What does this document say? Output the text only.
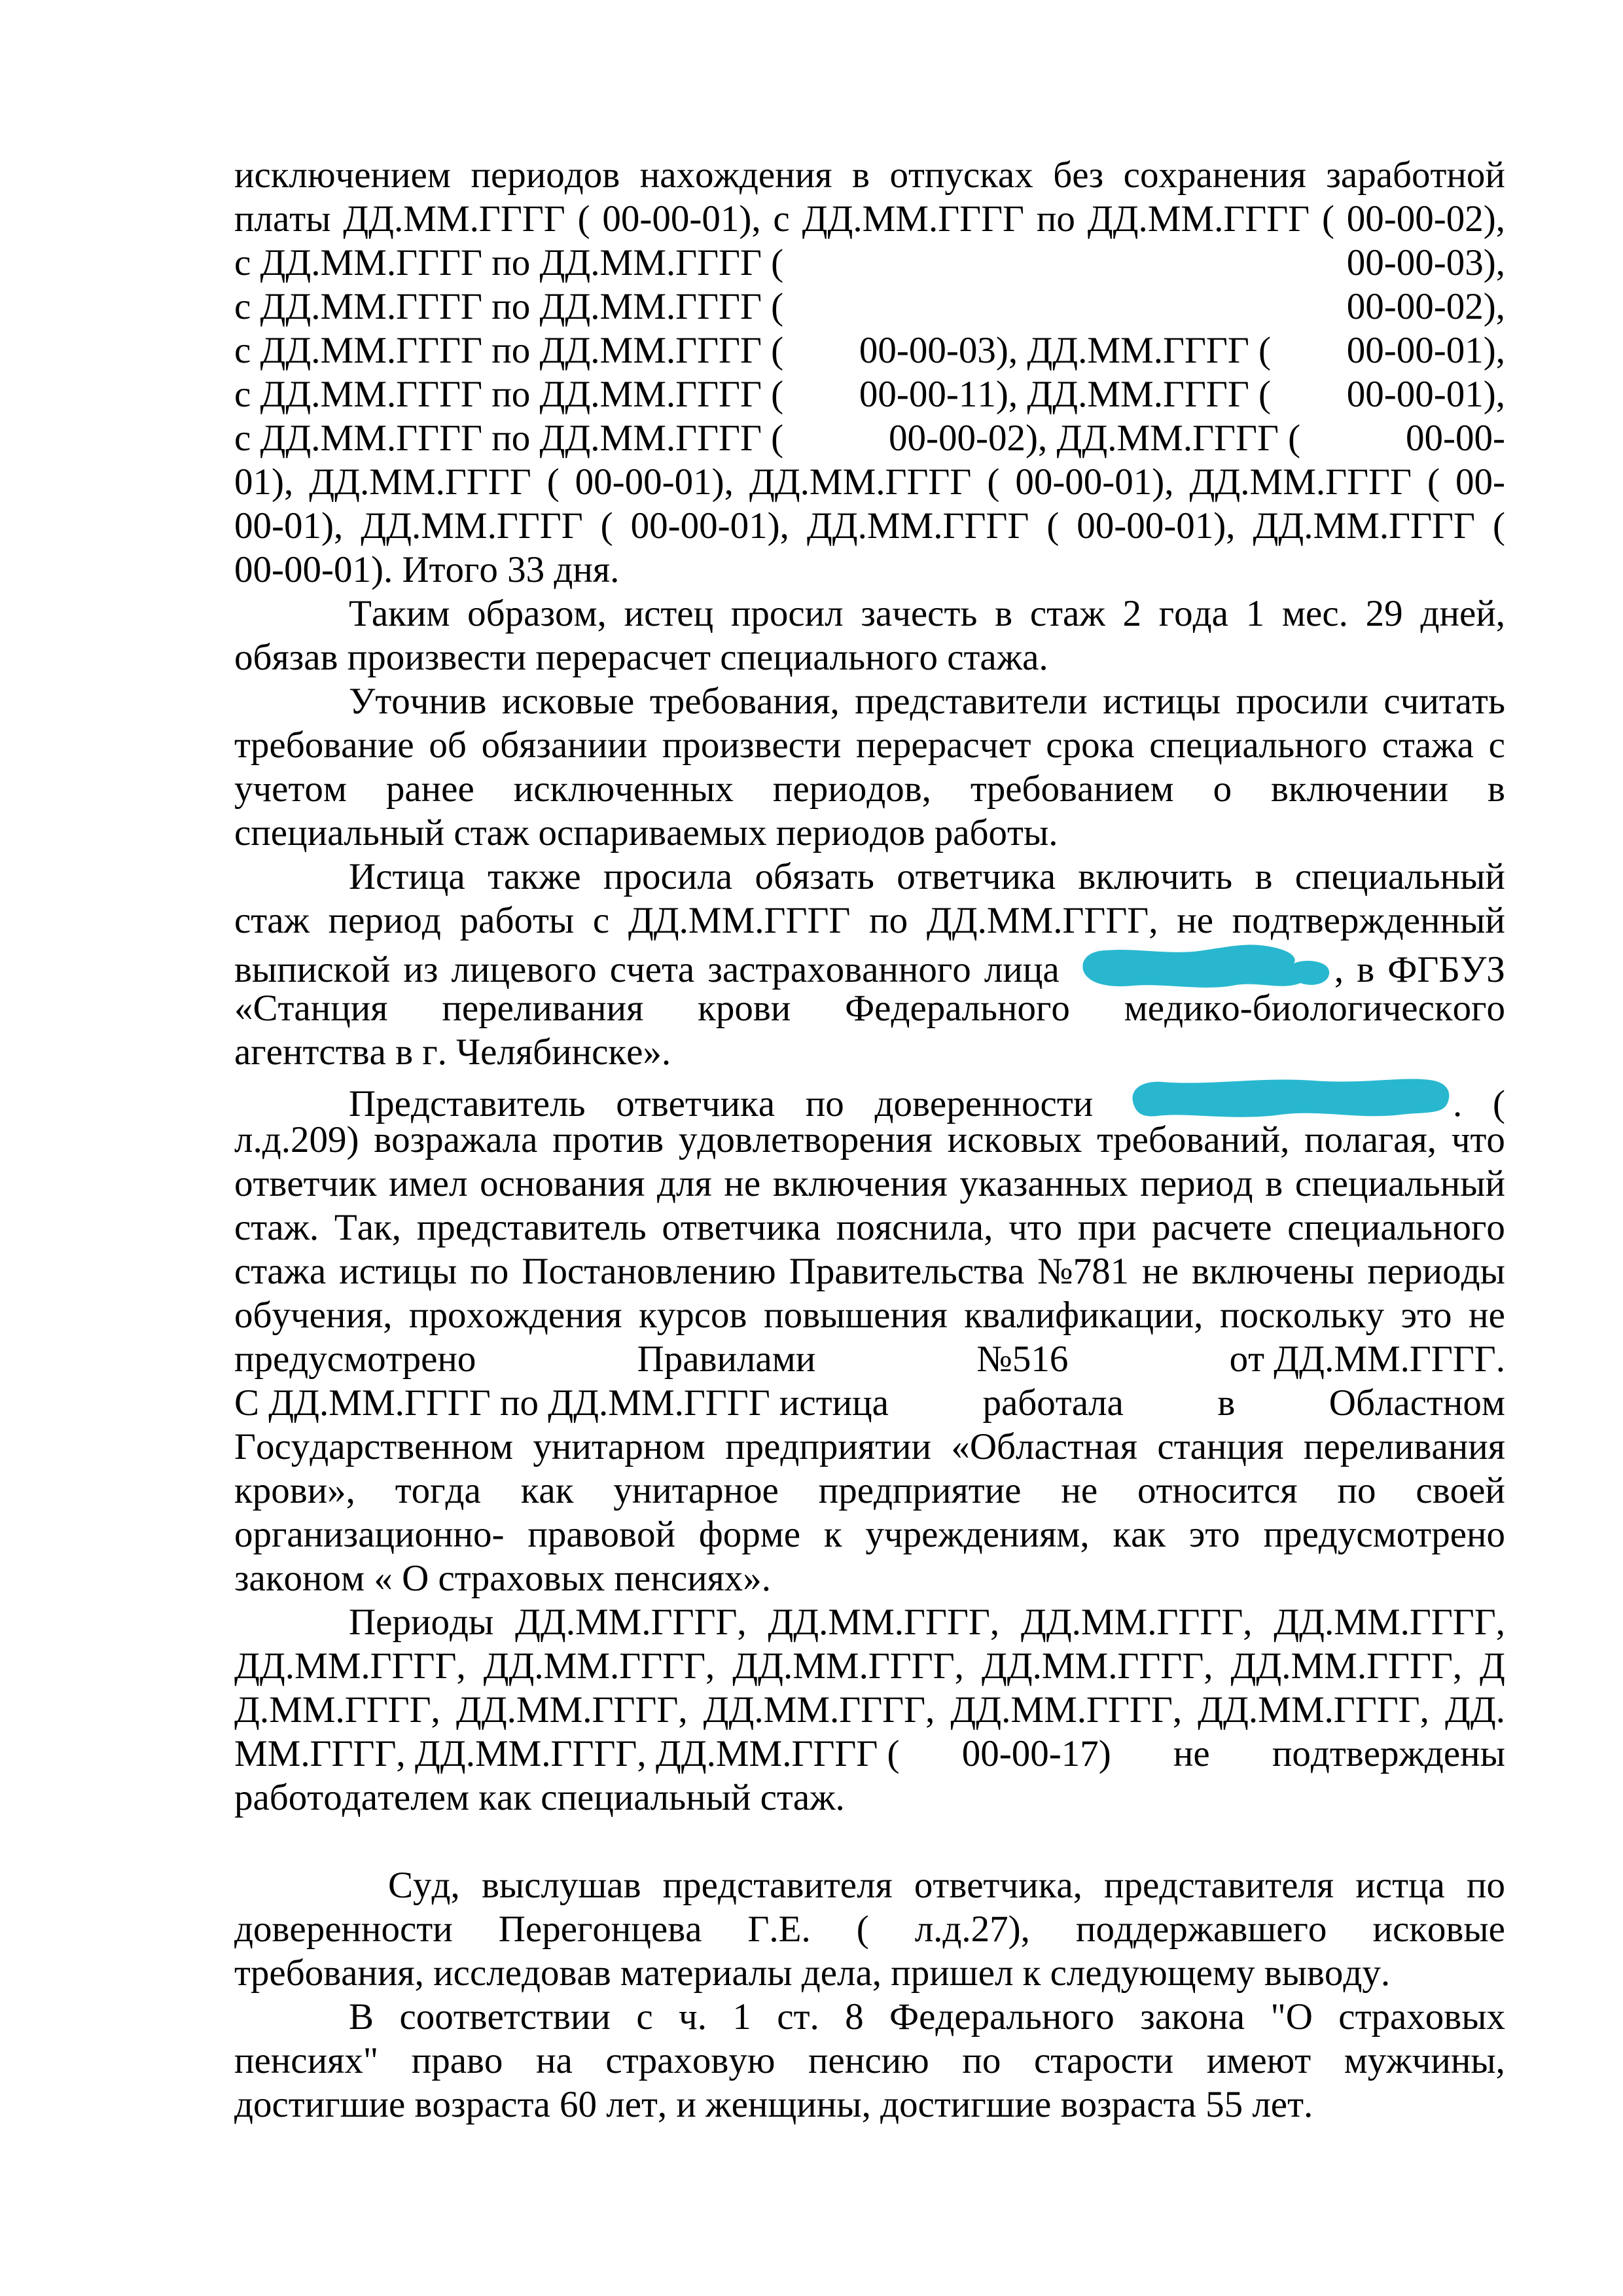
исключением периодов нахождения в отпусках без сохранения заработной
платы ДД.ММ.ГГГГ ( 00-00-01), с ДД.ММ.ГГГГ по ДД.ММ.ГГГГ ( 00-00-02),
с ДД.ММ.ГГГГ по ДД.ММ.ГГГГ (	00-00-03),
с ДД.ММ.ГГГГ по ДД.ММ.ГГГГ (	00-00-02),
с ДД.ММ.ГГГГ по ДД.ММ.ГГГГ ( 00-00-03), ДД.ММ.ГГГГ ( 00-00-01),
с ДД.ММ.ГГГГ по ДД.ММ.ГГГГ ( 00-00-11), ДД.ММ.ГГГГ ( 00-00-01),
с ДД.ММ.ГГГГ по ДД.ММ.ГГГГ (	00-00-02), ДД.ММ.ГГГГ (	00-00-
01), ДД.ММ.ГГГГ ( 00-00-01), ДД.ММ.ГГГГ ( 00-00-01), ДД.ММ.ГГГГ ( 00-
00-01), ДД.ММ.ГГГГ ( 00-00-01), ДД.ММ.ГГГГ ( 00-00-01), ДД.ММ.ГГГГ (
00-00-01). Итого 33 дня.
Таким образом, истец просил зачесть в стаж 2 года 1 мес. 29 дней,
обязав произвести перерасчет специального стажа.
Уточнив исковые требования, представители истицы просили считать
требование об обязаниии произвести перерасчет срока специального стажа с
учетом ранее исключенных периодов, требованием о включении в
специальный стаж оспариваемых периодов работы.
Истица также просила обязать ответчика включить в специальный
стаж период работы с ДД.ММ.ГГГГ по ДД.ММ.ГГГГ, не подтвержденный
выпиской из лицевого счета застрахованного лица	, в ФГБУЗ
«Станция переливания крови Федерального медико-биологического
агентства в г. Челябинске».
Представитель ответчика по доверенности	. (
л.д.209) возражала против удовлетворения исковых требований, полагая, что
ответчик имел основания для не включения указанных период в специальный
стаж. Так, представитель ответчика пояснила, что при расчете специального
стажа истицы по Постановлению Правительства №781 не включены периоды
обучения, прохождения курсов повышения квалификации, поскольку это не
предусмотрено	Правилами	№516	от ДД.ММ.ГГГГ.
С ДД.ММ.ГГГГ по ДД.ММ.ГГГГ истица	работала	в	Областном
Государственном унитарном предприятии «Областная станция переливания
крови», тогда как унитарное предприятие не относится по своей
организационно- правовой форме к учреждениям, как это предусмотрено
законом « О страховых пенсиях».
Периоды ДД.ММ.ГГГГ, ДД.ММ.ГГГГ, ДД.ММ.ГГГГ, ДД.ММ.ГГГГ,
ДД.ММ.ГГГГ, ДД.ММ.ГГГГ, ДД.ММ.ГГГГ, ДД.ММ.ГГГГ, ДД.ММ.ГГГГ, Д
Д.ММ.ГГГГ, ДД.ММ.ГГГГ, ДД.ММ.ГГГГ, ДД.ММ.ГГГГ, ДД.ММ.ГГГГ, ДД.
ММ.ГГГГ, ДД.ММ.ГГГГ, ДД.ММ.ГГГГ ( 00-00-17) не подтверждены
работодателем как специальный стаж.
Суд, выслушав представителя ответчика, представителя истца по
доверенности Перегонцева Г.Е. ( л.д.27), поддержавшего исковые
требования, исследовав материалы дела, пришел к следующему выводу.
В соответствии с ч. 1 ст. 8 Федерального закона "О страховых
пенсиях" право на страховую пенсию по старости имеют мужчины,
достигшие возраста 60 лет, и женщины, достигшие возраста 55 лет.
